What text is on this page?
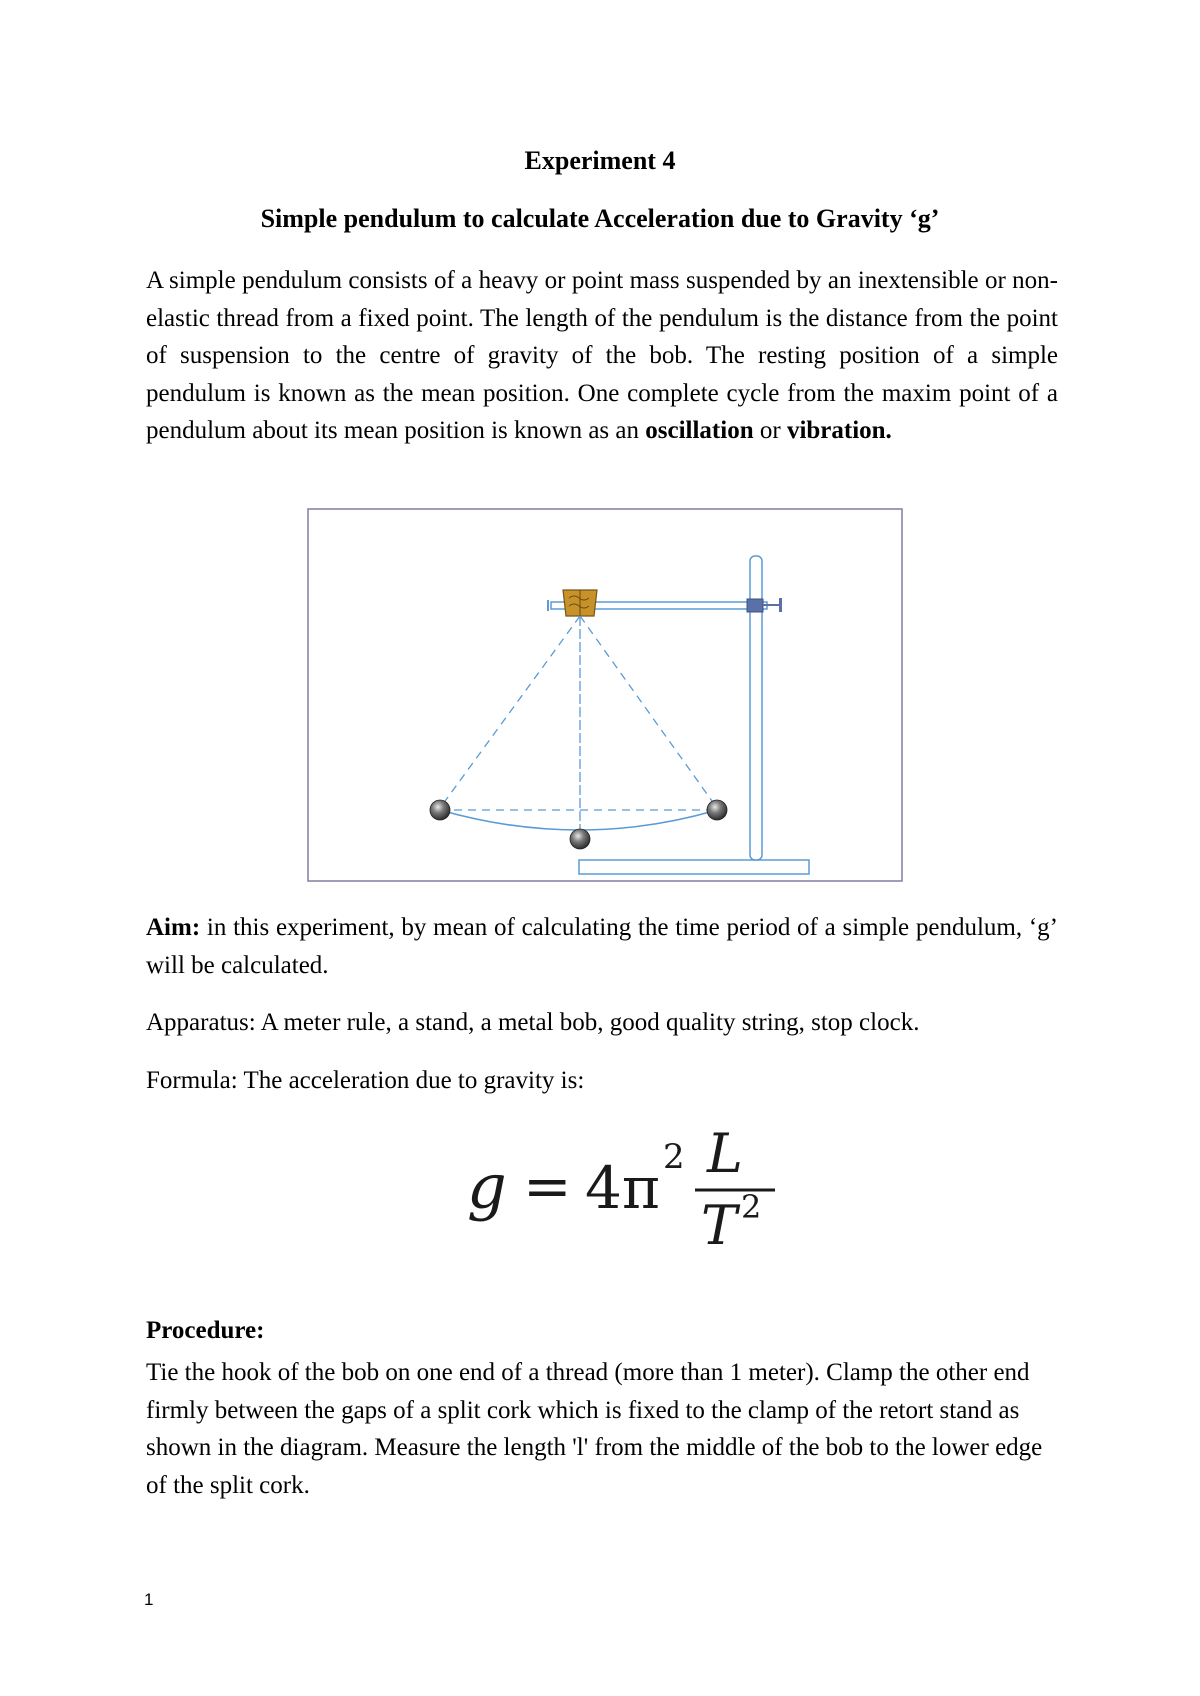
Experiment 4
Simple pendulum to calculate Acceleration due to Gravity ‘g’

A simple pendulum consists of a heavy or point mass suspended by an inextensible or non-elastic thread from a fixed point. The length of the pendulum is the distance from the point of suspension to the centre of gravity of the bob. The resting position of a simple pendulum is known as the mean position. One complete cycle from the maxim point of a pendulum about its mean position is known as an oscillation or vibration.

Aim: in this experiment, by mean of calculating the time period of a simple pendulum, ‘g’ will be calculated.

Apparatus: A meter rule, a stand, a metal bob, good quality string, stop clock.

Formula: The acceleration due to gravity is:

g = 4π 2 L
T 2
Procedure:

Tie the hook of the bob on one end of a thread (more than 1 meter). Clamp the other end firmly between the gaps of a split cork which is fixed to the clamp of the retort stand as shown in the diagram. Measure the length 'l' from the middle of the bob to the lower edge of the split cork.

1
